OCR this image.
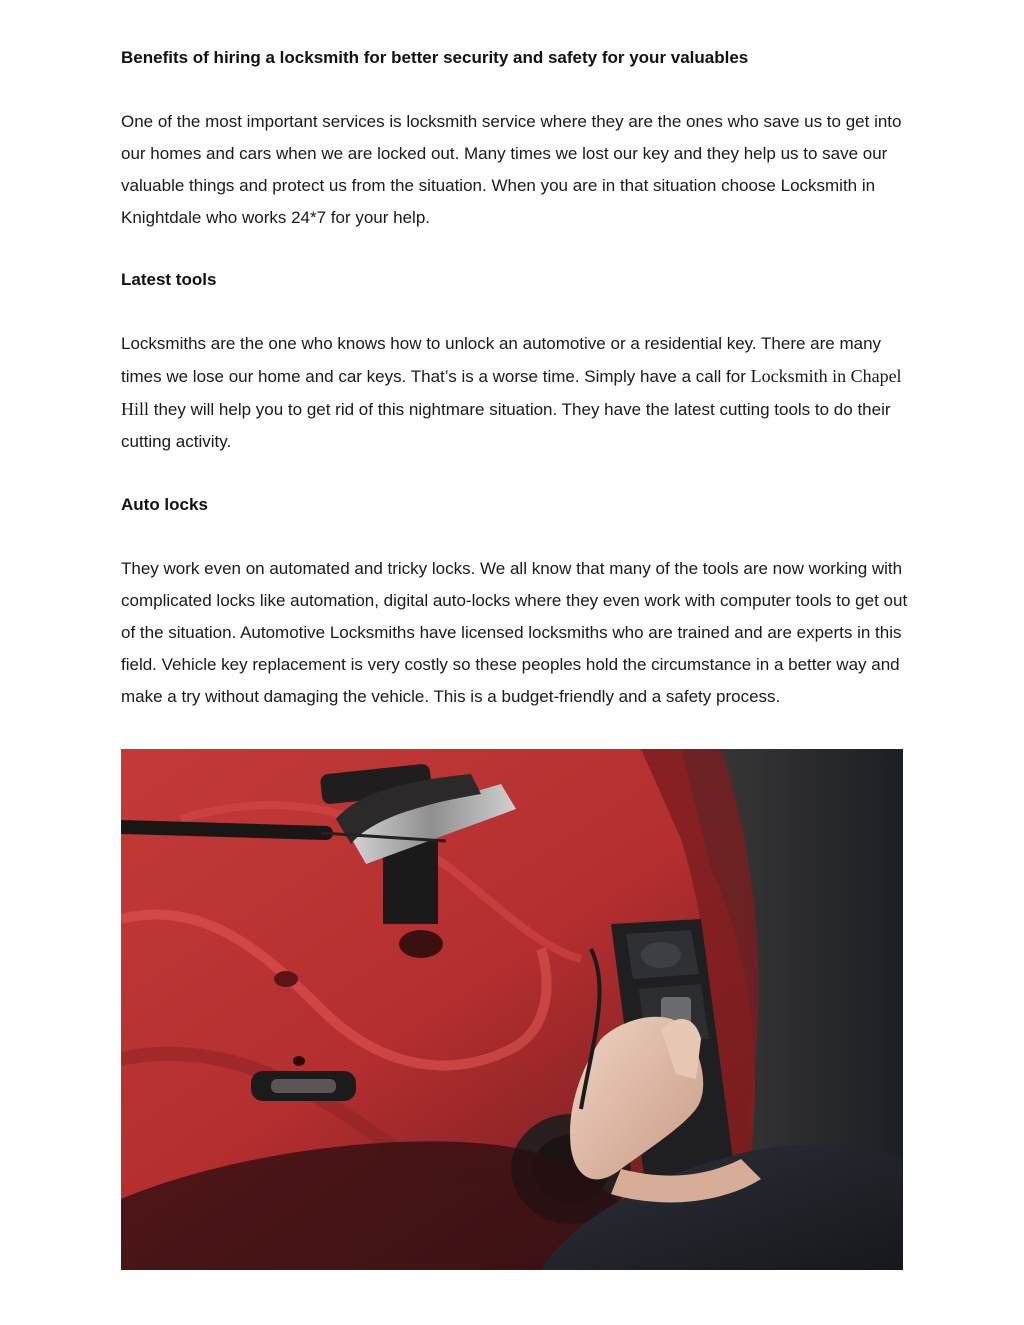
Benefits of hiring a locksmith for better security and safety for your valuables

One of the most important services is locksmith service where they are the ones who save us to get into our homes and cars when we are locked out. Many times we lost our key and they help us to save our valuable things and protect us from the situation. When you are in that situation choose Locksmith in Knightdale who works 24*7 for your help.

Latest tools

Locksmiths are the one who knows how to unlock an automotive or a residential key. There are many times we lose our home and car keys. That’s is a worse time. Simply have a call for Locksmith in Chapel Hill they will help you to get rid of this nightmare situation. They have the latest cutting tools to do their cutting activity.

Auto locks

They work even on automated and tricky locks. We all know that many of the tools are now working with complicated locks like automation, digital auto-locks where they even work with computer tools to get out of the situation. Automotive Locksmiths have licensed locksmiths who are trained and are experts in this field. Vehicle key replacement is very costly so these peoples hold the circumstance in a better way and make a try without damaging the vehicle. This is a budget-friendly and a safety process.
